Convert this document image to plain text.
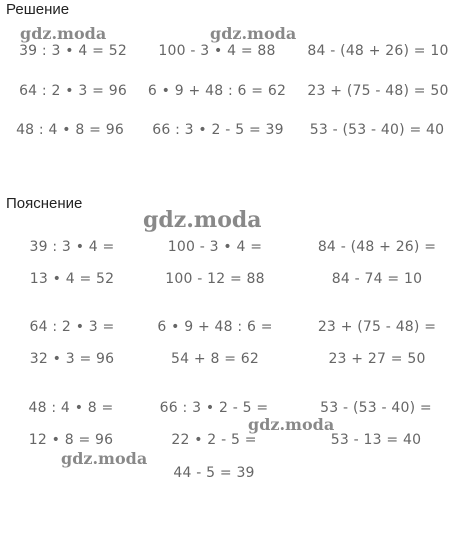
Решение
Пояснение
39 : 3 • 4 = 52 100 - 3 • 4 = 88 84 - (48 + 26) = 10
64 : 2 • 3 = 96 6 • 9 + 48 : 6 = 62 23 + (75 - 48) = 50
48 : 4 • 8 = 96 66 : 3 • 2 - 5 = 39 53 - (53 - 40) = 40
39 : 3 • 4 =
13 • 4 = 52
100 - 3 • 4 =
100 - 12 = 88
84 - (48 + 26) =
84 - 74 = 10
64 : 2 • 3 =
32 • 3 = 96
6 • 9 + 48 : 6 =
54 + 8 = 62
23 + (75 - 48) =
23 + 27 = 50
48 : 4 • 8 =
12 • 8 = 96
66 : 3 • 2 - 5 =
22 • 2 - 5 =
44 - 5 = 39
53 - (53 - 40) =
53 - 13 = 40
gdz.moda	gdz.moda
gdz.moda
gdz.moda
gdz.moda
